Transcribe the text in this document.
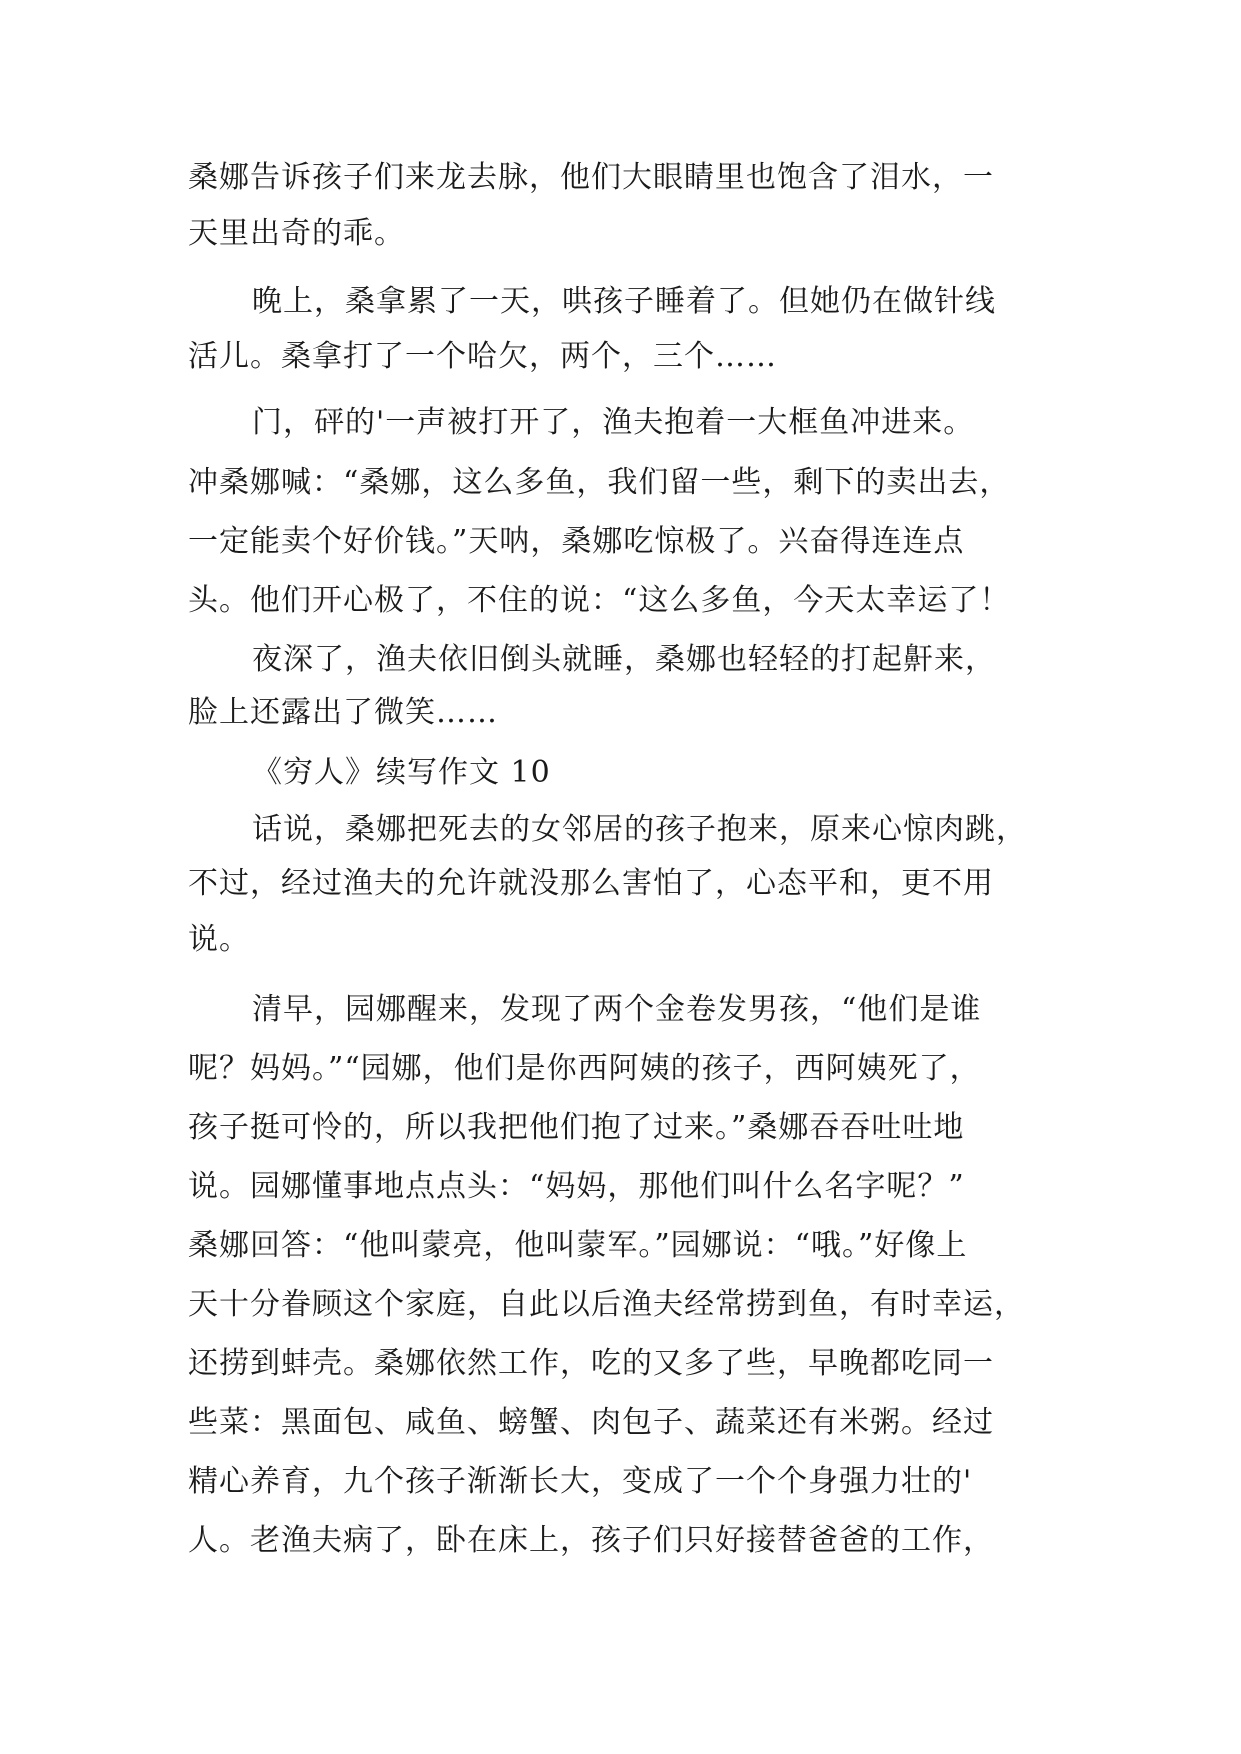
桑娜告诉孩子们来龙去脉，他们大眼睛里也饱含了泪水，一
天里出奇的乖。
晚上，桑拿累了一天，哄孩子睡着了。但她仍在做针线
活儿。桑拿打了一个哈欠，两个，三个……
门，砰的'一声被打开了，渔夫抱着一大框鱼冲进来。
冲桑娜喊：“桑娜，这么多鱼，我们留一些，剩下的卖出去，
一定能卖个好价钱。”天呐，桑娜吃惊极了。兴奋得连连点
头。他们开心极了，不住的说：“这么多鱼，今天太幸运了！
夜深了，渔夫依旧倒头就睡，桑娜也轻轻的打起鼾来，
脸上还露出了微笑……
《穷人》续写作文 10
话说，桑娜把死去的女邻居的孩子抱来，原来心惊肉跳，
不过，经过渔夫的允许就没那么害怕了，心态平和，更不用
说。
清早，园娜醒来，发现了两个金卷发男孩，“他们是谁
呢？妈妈。”“园娜，他们是你西阿姨的孩子，西阿姨死了，
孩子挺可怜的，所以我把他们抱了过来。”桑娜吞吞吐吐地
说。园娜懂事地点点头：“妈妈，那他们叫什么名字呢？”
桑娜回答：“他叫蒙亮，他叫蒙军。”园娜说：“哦。”好像上
天十分眷顾这个家庭，自此以后渔夫经常捞到鱼，有时幸运，
还捞到蚌壳。桑娜依然工作，吃的又多了些，早晚都吃同一
些菜：黑面包、咸鱼、螃蟹、肉包子、蔬菜还有米粥。经过
精心养育，九个孩子渐渐长大，变成了一个个身强力壮的'
人。老渔夫病了，卧在床上，孩子们只好接替爸爸的工作，
